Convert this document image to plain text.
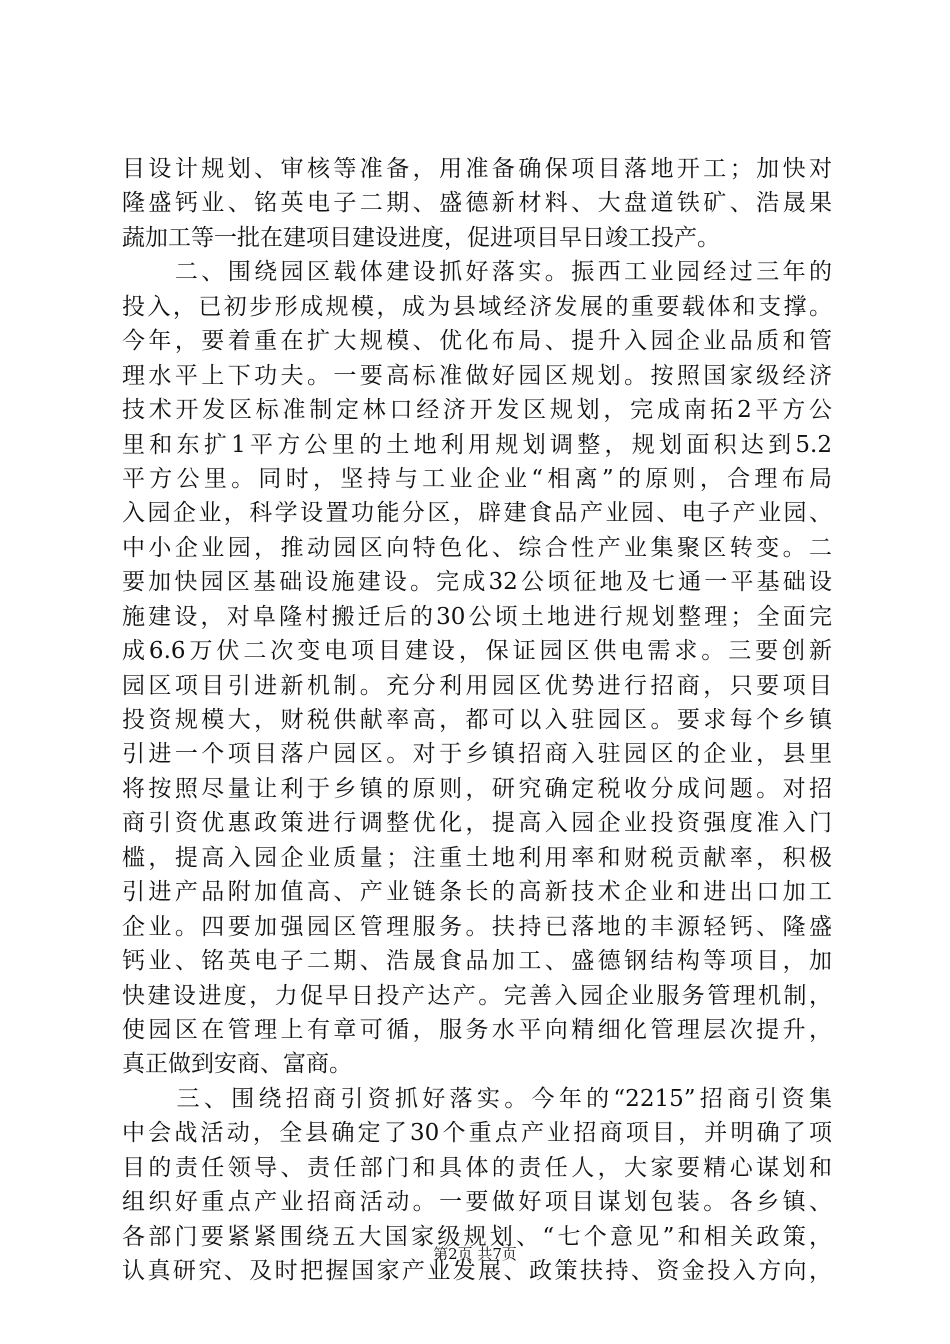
目设计规划、审核等准备，用准备确保项目落地开工；加快对
隆盛钙业、铭英电子二期、盛德新材料、大盘道铁矿、浩晟果
蔬加工等一批在建项目建设进度，促进项目早日竣工投产。
　　二、围绕园区载体建设抓好落实。振西工业园经过三年的
投入，已初步形成规模，成为县域经济发展的重要载体和支撑。
今年，要着重在扩大规模、优化布局、提升入园企业品质和管
理水平上下功夫。一要高标准做好园区规划。按照国家级经济
技术开发区标准制定林口经济开发区规划，完成南拓2平方公
里和东扩1平方公里的土地利用规划调整，规划面积达到5.2
平方公里。同时，坚持与工业企业“相离”的原则，合理布局
入园企业，科学设置功能分区，辟建食品产业园、电子产业园、
中小企业园，推动园区向特色化、综合性产业集聚区转变。二
要加快园区基础设施建设。完成32公顷征地及七通一平基础设
施建设，对阜隆村搬迁后的30公顷土地进行规划整理；全面完
成6.6万伏二次变电项目建设，保证园区供电需求。三要创新
园区项目引进新机制。充分利用园区优势进行招商，只要项目
投资规模大，财税供献率高，都可以入驻园区。要求每个乡镇
引进一个项目落户园区。对于乡镇招商入驻园区的企业，县里
将按照尽量让利于乡镇的原则，研究确定税收分成问题。对招
商引资优惠政策进行调整优化，提高入园企业投资强度准入门
槛，提高入园企业质量；注重土地利用率和财税贡献率，积极
引进产品附加值高、产业链条长的高新技术企业和进出口加工
企业。四要加强园区管理服务。扶持已落地的丰源轻钙、隆盛
钙业、铭英电子二期、浩晟食品加工、盛德钢结构等项目，加
快建设进度，力促早日投产达产。完善入园企业服务管理机制，
使园区在管理上有章可循，服务水平向精细化管理层次提升，
真正做到安商、富商。
　　三、围绕招商引资抓好落实。今年的“2215”招商引资集
中会战活动，全县确定了30个重点产业招商项目，并明确了项
目的责任领导、责任部门和具体的责任人，大家要精心谋划和
组织好重点产业招商活动。一要做好项目谋划包装。各乡镇、
各部门要紧紧围绕五大国家级规划、“七个意见”和相关政策，
认真研究、及时把握国家产业发展、政策扶持、资金投入方向，
第2页 共7页
